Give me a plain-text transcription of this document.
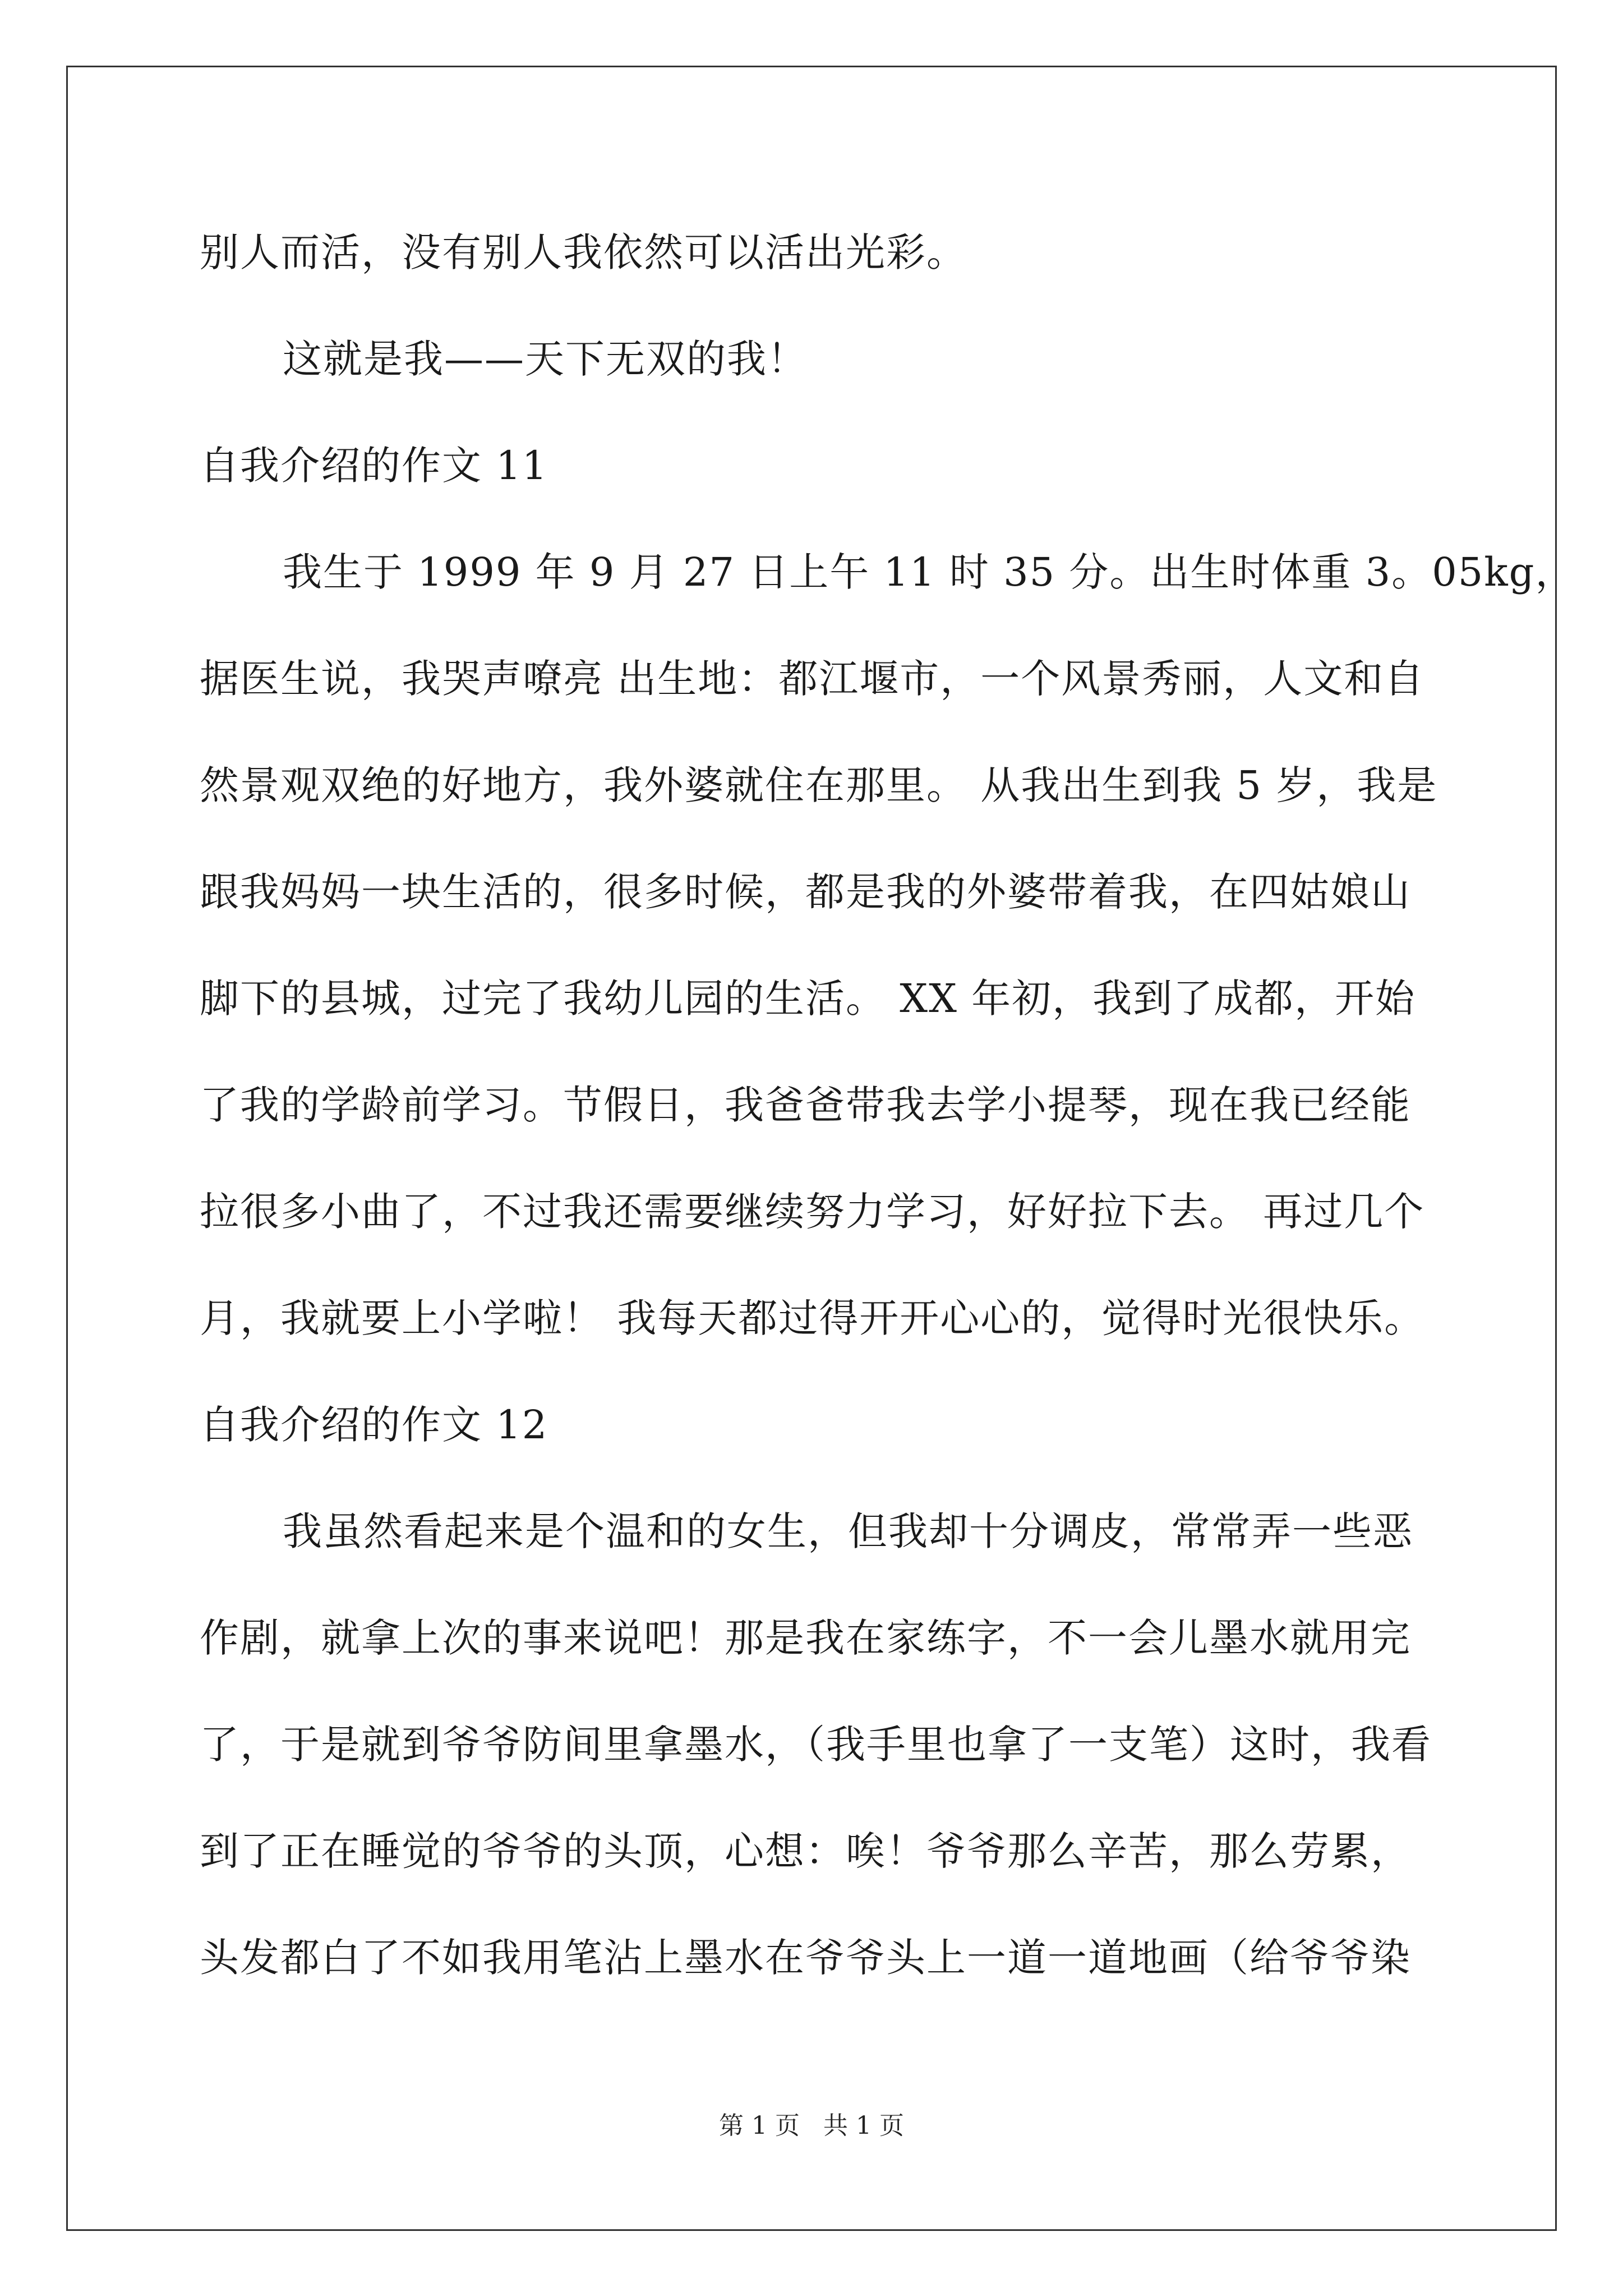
别人而活，没有别人我依然可以活出光彩。
这就是我——天下无双的我！
自我介绍的作文 11
我生于 1999 年 9 月 27 日上午 11 时 35 分。出生时体重 3。05kg，
据医生说，我哭声嘹亮 出生地：都江堰市，一个风景秀丽，人文和自
然景观双绝的好地方，我外婆就住在那里。 从我出生到我 5 岁，我是
跟我妈妈一块生活的，很多时候，都是我的外婆带着我，在四姑娘山
脚下的县城，过完了我幼儿园的生活。 XX 年初，我到了成都，开始
了我的学龄前学习。节假日，我爸爸带我去学小提琴，现在我已经能
拉很多小曲了，不过我还需要继续努力学习，好好拉下去。 再过几个
月，我就要上小学啦！ 我每天都过得开开心心的，觉得时光很快乐。
自我介绍的作文 12
我虽然看起来是个温和的女生，但我却十分调皮，常常弄一些恶
作剧，就拿上次的事来说吧！那是我在家练字，不一会儿墨水就用完
了，于是就到爷爷防间里拿墨水，（我手里也拿了一支笔）这时，我看
到了正在睡觉的爷爷的头顶，心想：唉！爷爷那么辛苦，那么劳累，
头发都白了不如我用笔沾上墨水在爷爷头上一道一道地画（给爷爷染
第 1 页   共 1 页
